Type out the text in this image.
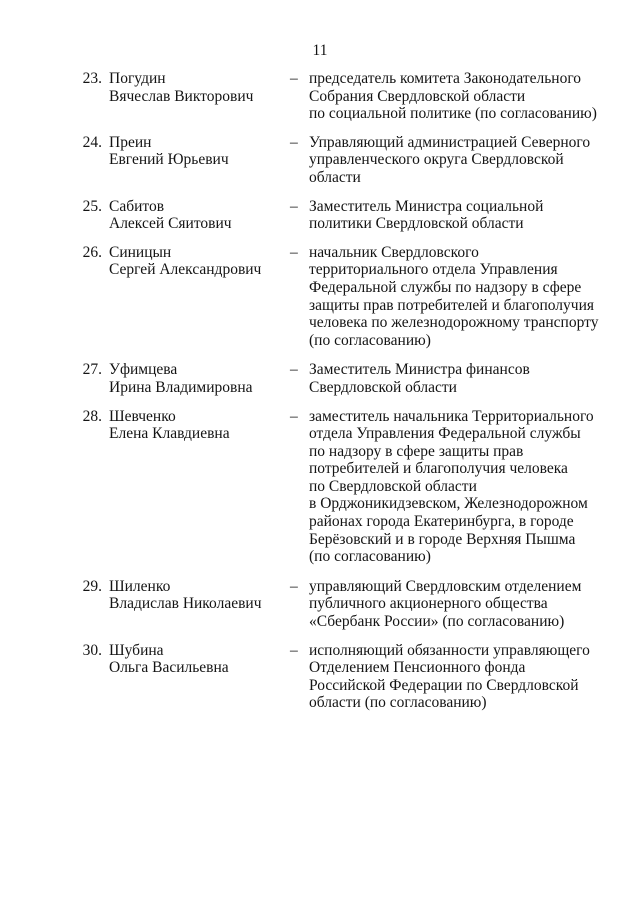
11
23. Погудин
Вячеслав Викторович
– председатель комитета Законодательного
Собрания Свердловской области
по социальной политике (по согласованию)
24. Преин
Евгений Юрьевич
– Управляющий администрацией Северного
управленческого округа Свердловской
области
25. Сабитов
Алексей Сяитович
– Заместитель Министра социальной
политики Свердловской области
26. Синицын
Сергей Александрович
– начальник Свердловского
территориального отдела Управления
Федеральной службы по надзору в сфере
защиты прав потребителей и благополучия
человека по железнодорожному транспорту
(по согласованию)
27. Уфимцева
Ирина Владимировна
– Заместитель Министра финансов
Свердловской области
28. Шевченко
Елена Клавдиевна
– заместитель начальника Территориального
отдела Управления Федеральной службы
по надзору в сфере защиты прав
потребителей и благополучия человека
по Свердловской области
в Орджоникидзевском, Железнодорожном
районах города Екатеринбурга, в городе
Берёзовский и в городе Верхняя Пышма
(по согласованию)
29. Шиленко
Владислав Николаевич
– управляющий Свердловским отделением
публичного акционерного общества
«Сбербанк России» (по согласованию)
30. Шубина
Ольга Васильевна
– исполняющий обязанности управляющего
Отделением Пенсионного фонда
Российской Федерации по Свердловской
области (по согласованию)
